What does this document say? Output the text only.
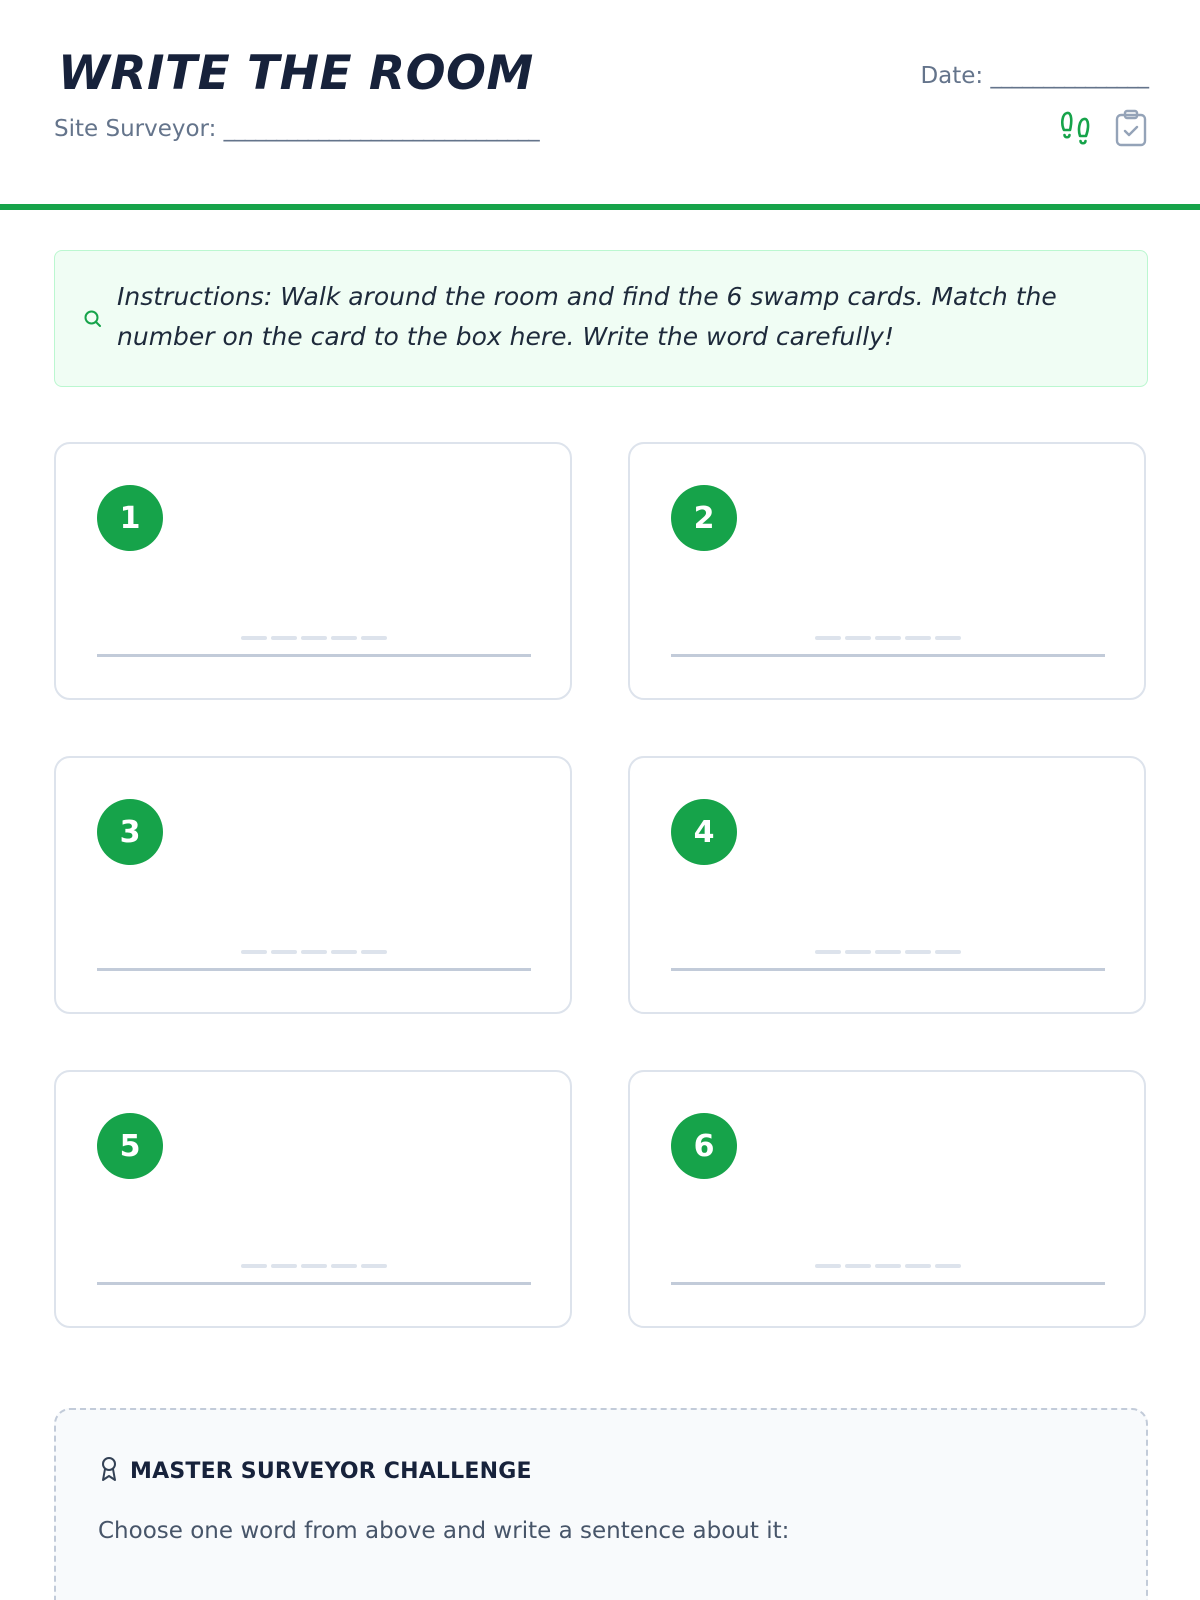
WRITE THE ROOM
Site Surveyor: ______________________________
Date: _______________

Instructions: Walk around the room and find the 6 swamp cards. Match the number on the card to the box here. Write the word carefully!

1	2
3	4
5	6
MASTER SURVEYOR CHALLENGE
Choose one word from above and write a sentence about it:
